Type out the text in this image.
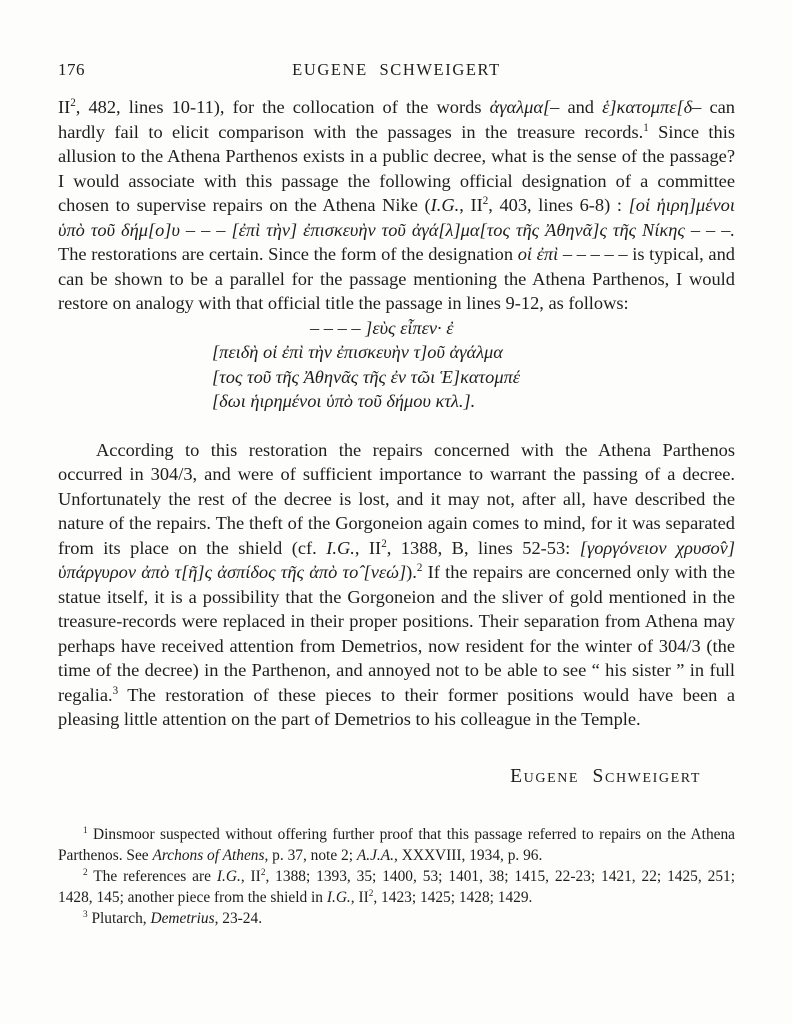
176	EUGENE SCHWEIGERT

$II^2$, 482, lines 10-11), for the collocation of the words ἀγαλμα[– and ἑ]κατομπε[δ– can hardly fail to elicit comparison with the passages in the treasure records.$^1$ Since this allusion to the Athena Parthenos exists in a public decree, what is the sense of the passage? I would associate with this passage the following official designation of a committee chosen to supervise repairs on the Athena Nike (I.G., $II^2$, 403, lines 6-8) : [οἱ ἡιρη]μένοι ὑπὸ τοῦ δήμ[ο]υ – – – [ἐπὶ τὴν] ἐπισκευὴν τοῦ ἀγά[λ]μα[τος τῆς Ἀθηνᾶ]ς τῆς Νίκης – – –. The restorations are certain. Since the form of the designation οἱ ἐπὶ – – – – – is typical, and can be shown to be a parallel for the passage mentioning the Athena Parthenos, I would restore on analogy with that official title the passage in lines 9-12, as follows:

– – – – ]εὺς εἶπεν· ἐ
[πειδὴ οἱ ἐπὶ τὴν ἐπισκευὴν τ]οῦ ἀγάλμα
[τος τοῦ τῆς Ἀθηνᾶς τῆς ἐν τῶι Ἑ]κατομπέ
[δωι ἡιρημένοι ὑπὸ τοῦ δήμου κτλ.].

According to this restoration the repairs concerned with the Athena Parthenos occurred in 304/3, and were of sufficient importance to warrant the passing of a decree. Unfortunately the rest of the decree is lost, and it may not, after all, have described the nature of the repairs. The theft of the Gorgoneion again comes to mind, for it was separated from its place on the shield (cf. I.G., $II^2$, 1388, B, lines 52-53: [γοργόνειον χρυσο̂ν] ὑπάργυρον ἀπὸ τ[ῆ]ς ἀσπίδος τῆς ἀπὸ το̂ [νεώ]).$^2$ If the repairs are concerned only with the statue itself, it is a possibility that the Gorgoneion and the sliver of gold mentioned in the treasure-records were replaced in their proper positions. Their separation from Athena may perhaps have received attention from Demetrios, now resident for the winter of 304/3 (the time of the decree) in the Parthenon, and annoyed not to be able to see “ his sister ” in full regalia.$^3$ The restoration of these pieces to their former positions would have been a pleasing little attention on the part of Demetrios to his colleague in the Temple.

Eugene Schweigert

$^1$ Dinsmoor suspected without offering further proof that this passage referred to repairs on the Athena Parthenos. See Archons of Athens, p. 37, note 2; A.J.A., XXXVIII, 1934, p. 96.

$^2$ The references are I.G., $II^2$, 1388; 1393, 35; 1400, 53; 1401, 38; 1415, 22-23; 1421, 22; 1425, 251; 1428, 145; another piece from the shield in I.G., $II^2$, 1423; 1425; 1428; 1429.

$^3$ Plutarch, Demetrius, 23-24.
